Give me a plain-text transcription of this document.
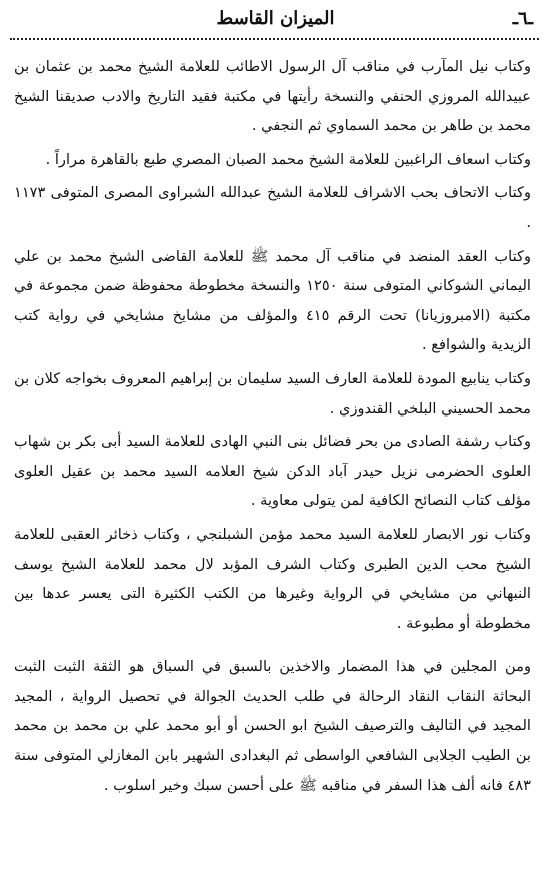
ـ٦ـ
الميزان القاسط

وكتاب نيل المآرب في مناقب آل الرسول الاطائب للعلامة الشيخ محمد بن عثمان بن عبيدالله المروزي الحنفي والنسخة رأيتها في مكتبة فقيد التاريخ والادب صديقنا الشيخ محمد بن طاهر بن محمد السماوي ثم النجفي .

وكتاب اسعاف الراغبين للعلامة الشيخ محمد الصبان المصري طبع بالقاهرة مراراً .

وكتاب الاتحاف بحب الاشراف للعلامة الشيخ عبدالله الشبراوى المصرى المتوفى ١١٧٣ .

وكتاب العقد المنضد في مناقب آل محمد ﷺ للعلامة القاضى الشيخ محمد بن علي اليماني الشوكاني المتوفى سنة ١٢٥٠ والنسخة مخطوطة محفوظة ضمن مجموعة في مكتبة (الامبروزيانا) تحت الرقم ٤١٥ والمؤلف من مشايخ مشايخي في رواية كتب الزيدية والشوافع .

وكتاب ينابيع المودة للعلامة العارف السيد سليمان بن إبراهيم المعروف بخواجه كلان بن محمد الحسيني البلخي القندوزي .

وكتاب رشفة الصادى من بحر فضائل بنى النبي الهادى للعلامة السيد أبى بكر بن شهاب العلوى الحضرمى نزيل حيدر آباد الدكن شيخ العلامه السيد محمد بن عقيل العلوى مؤلف كتاب النصائح الكافية لمن يتولى معاوية .

وكتاب نور الابصار للعلامة السيد محمد مؤمن الشبلنجي ، وكتاب ذخائر العقبى للعلامة الشيخ محب الدين الطبرى وكتاب الشرف المؤبد لال محمد للعلامة الشيخ يوسف النبهاني من مشايخي في الرواية وغيرها من الكتب الكثيرة التى يعسر عدها بين مخطوطة أو مطبوعة .

ومن المجلين في هذا المضمار والاخذين بالسبق في السباق هو الثقة الثبت الثبت البحاثة النقاب النقاد الرحالة في طلب الحديث الجوالة في تحصيل الرواية ، المجيد المجيد في التاليف والترصيف الشيخ ابو الحسن أو أبو محمد علي بن محمد بن محمد بن الطيب الجلابى الشافعي الواسطى ثم البغدادى الشهير بابن المغازلي المتوفى سنة ٤٨٣ فانه ألف هذا السفر في مناقبه ﷺ على أحسن سبك وخير اسلوب .
